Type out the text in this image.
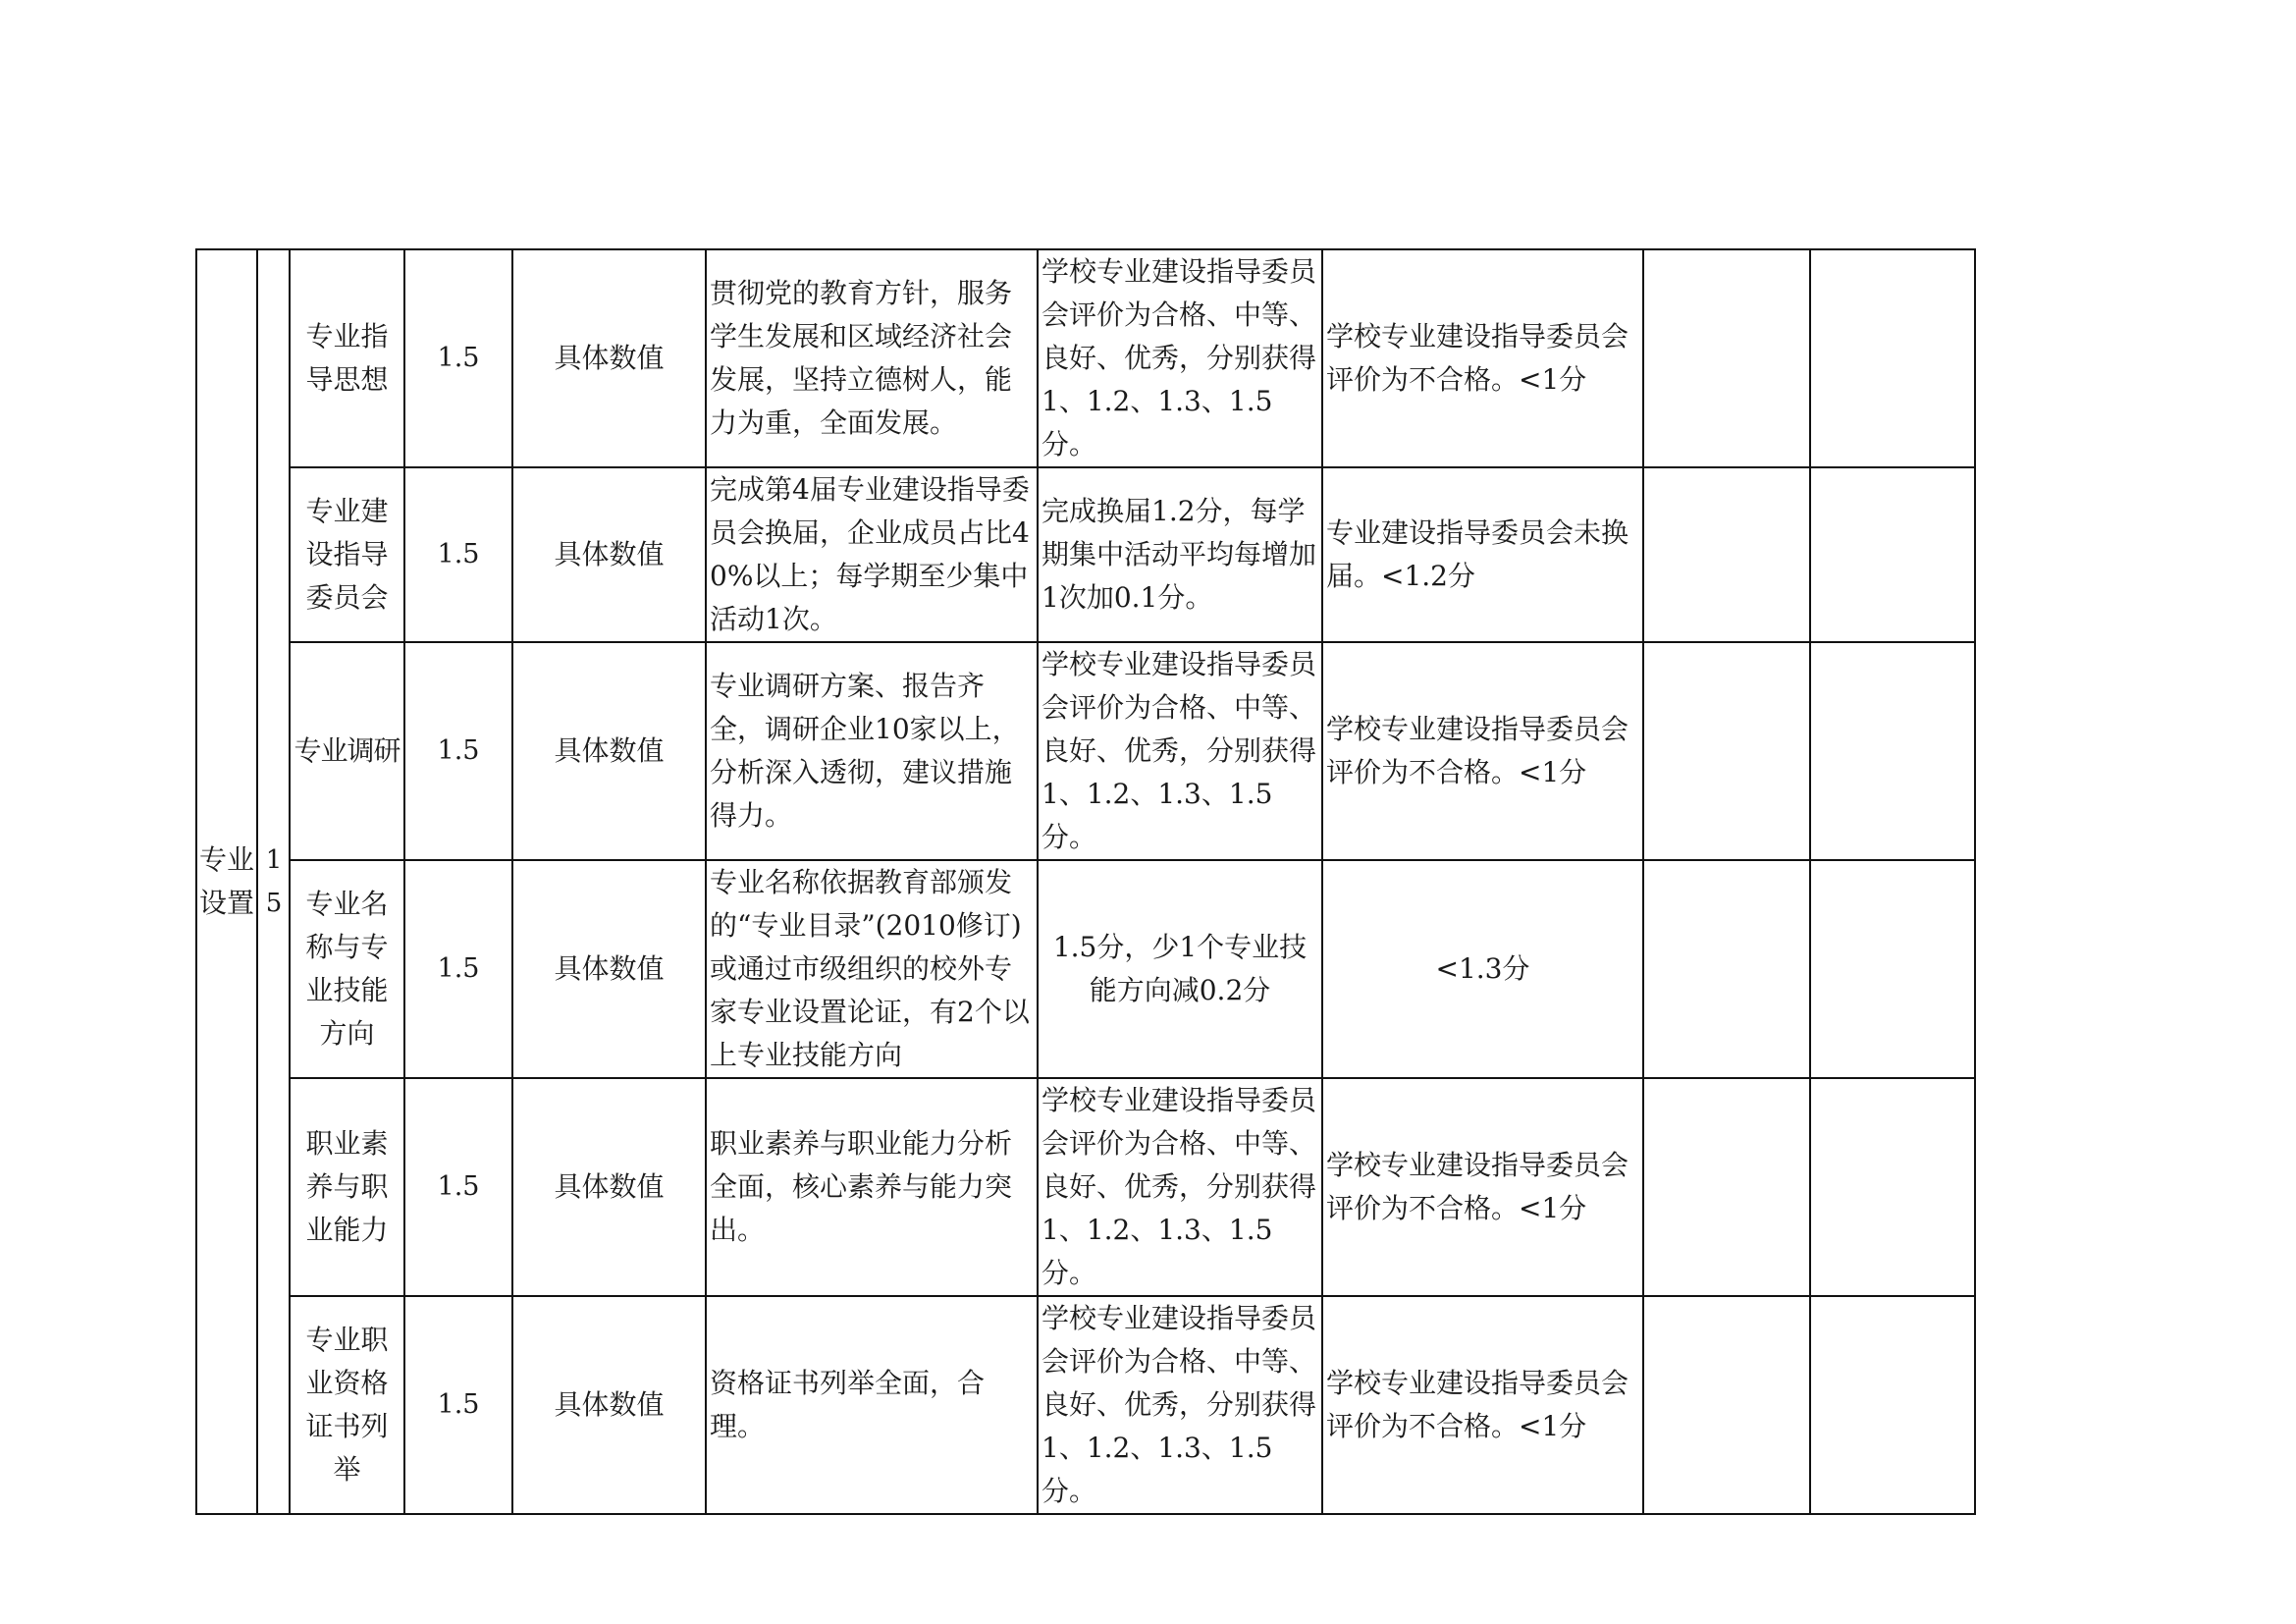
专业设置	15	专业指导思想	1.5	具体数值	贯彻党的教育方针，服务学生发展和区域经济社会发展，坚持立德树人，能力为重，全面发展。	学校专业建设指导委员会评价为合格、中等、良好、优秀，分别获得1、1.2、1.3、1.5分。	学校专业建设指导委员会评价为不合格。<1分		
		专业建设指导委员会	1.5	具体数值	完成第4届专业建设指导委员会换届，企业成员占比40%以上；每学期至少集中活动1次。	完成换届1.2分，每学期集中活动平均每增加1次加0.1分。	专业建设指导委员会未换届。<1.2分		
		专业调研	1.5	具体数值	专业调研方案、报告齐全，调研企业10家以上，分析深入透彻，建议措施得力。	学校专业建设指导委员会评价为合格、中等、良好、优秀，分别获得1、1.2、1.3、1.5分。	学校专业建设指导委员会评价为不合格。<1分		
		专业名称与专业技能方向	1.5	具体数值	专业名称依据教育部颁发的“专业目录”(2010修订)或通过市级组织的校外专家专业设置论证，有2个以上专业技能方向	1.5分，少1个专业技能方向减0.2分	<1.3分		
		职业素养与职业能力	1.5	具体数值	职业素养与职业能力分析全面，核心素养与能力突出。	学校专业建设指导委员会评价为合格、中等、良好、优秀，分别获得1、1.2、1.3、1.5分。	学校专业建设指导委员会评价为不合格。<1分		
		专业职业资格证书列举	1.5	具体数值	资格证书列举全面，合理。	学校专业建设指导委员会评价为合格、中等、良好、优秀，分别获得1、1.2、1.3、1.5分。	学校专业建设指导委员会评价为不合格。<1分		
